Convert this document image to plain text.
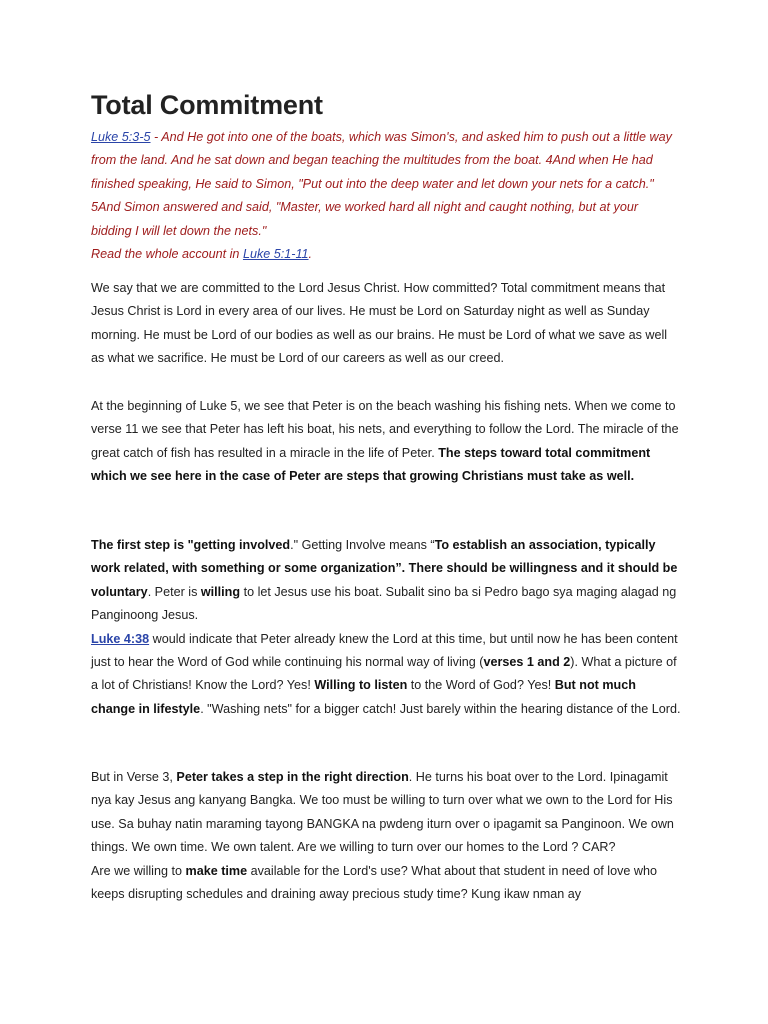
Total Commitment

Luke 5:3-5 - And He got into one of the boats, which was Simon's, and asked him to push out a little way from the land. And he sat down and began teaching the multitudes from the boat. 4And when He had finished speaking, He said to Simon, "Put out into the deep water and let down your nets for a catch." 5And Simon answered and said, "Master, we worked hard all night and caught nothing, but at your bidding I will let down the nets."

Read the whole account in Luke 5:1-11.

We say that we are committed to the Lord Jesus Christ. How committed? Total commitment means that Jesus Christ is Lord in every area of our lives. He must be Lord on Saturday night as well as Sunday morning. He must be Lord of our bodies as well as our brains. He must be Lord of what we save as well as what we sacrifice. He must be Lord of our careers as well as our creed.

At the beginning of Luke 5, we see that Peter is on the beach washing his fishing nets. When we come to verse 11 we see that Peter has left his boat, his nets, and everything to follow the Lord. The miracle of the great catch of fish has resulted in a miracle in the life of Peter. The steps toward total commitment which we see here in the case of Peter are steps that growing Christians must take as well.

The first step is "getting involved." Getting Involve means “To establish an association, typically work related, with something or some organization”. There should be willingness and it should be voluntary. Peter is willing to let Jesus use his boat. Subalit sino ba si Pedro bago sya maging alagad ng Panginoong Jesus.

Luke 4:38 would indicate that Peter already knew the Lord at this time, but until now he has been content just to hear the Word of God while continuing his normal way of living (verses 1 and 2). What a picture of a lot of Christians! Know the Lord? Yes! Willing to listen to the Word of God? Yes! But not much change in lifestyle. "Washing nets" for a bigger catch! Just barely within the hearing distance of the Lord.

But in Verse 3, Peter takes a step in the right direction. He turns his boat over to the Lord. Ipinagamit nya kay Jesus ang kanyang Bangka. We too must be willing to turn over what we own to the Lord for His use. Sa buhay natin maraming tayong BANGKA na pwdeng iturn over o ipagamit sa Panginoon. We own things. We own time. We own talent. Are we willing to turn over our homes to the Lord ? CAR?

Are we willing to make time available for the Lord's use? What about that student in need of love who keeps disrupting schedules and draining away precious study time? Kung ikaw nman ay
